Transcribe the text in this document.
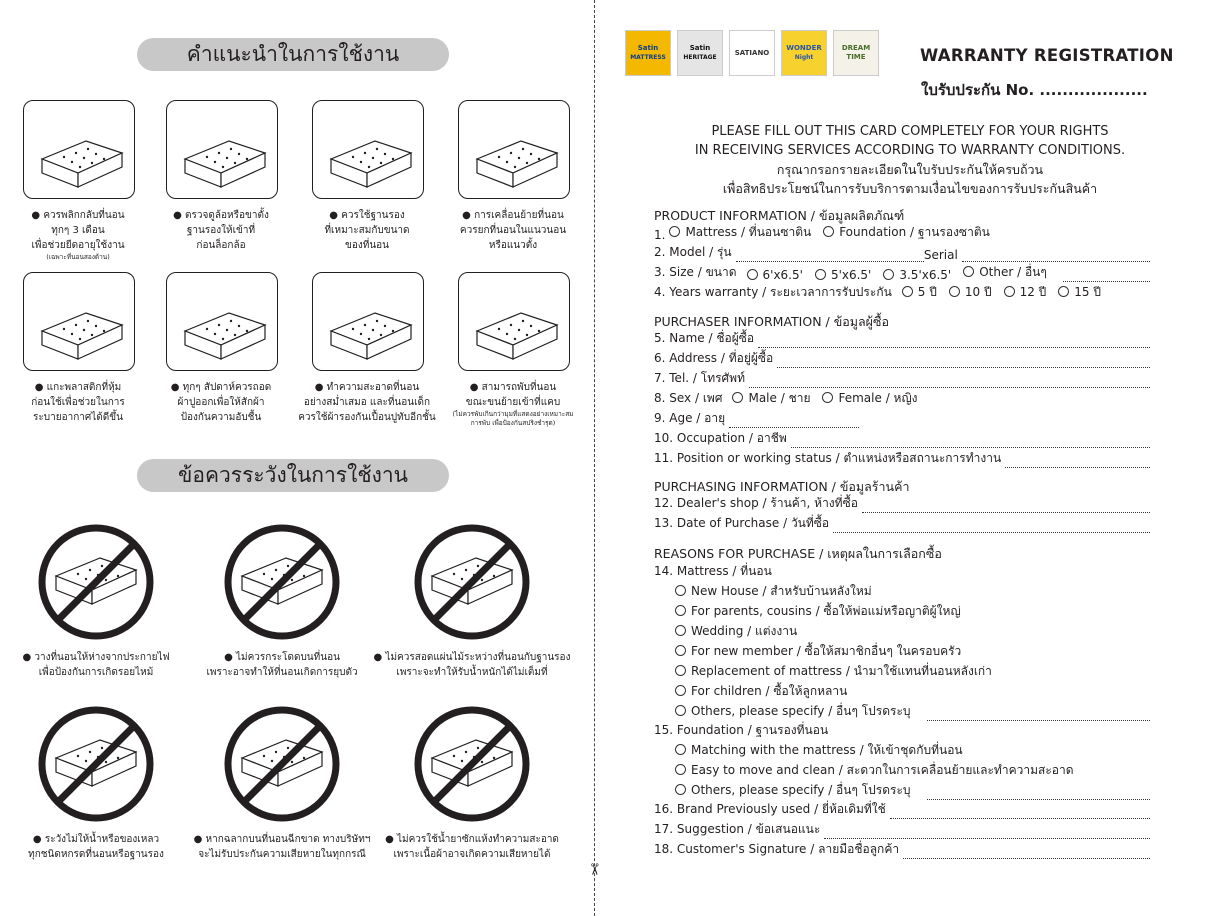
คำแนะนำในการใช้งาน
● ควรพลิกกลับที่นอน
ทุกๆ 3 เดือน
เพื่อช่วยยืดอายุใช้งาน
(เฉพาะที่นอนสองด้าน)
● ตรวจดูล้อหรือขาตั้ง
ฐานรองให้เข้าที่
ก่อนล็อกล้อ
● ควรใช้ฐานรอง
ที่เหมาะสมกับขนาด
ของที่นอน
● การเคลื่อนย้ายที่นอน
ควรยกที่นอนในแนวนอน
หรือแนวตั้ง
● แกะพลาสติกที่หุ้ม
ก่อนใช้เพื่อช่วยในการ
ระบายอากาศได้ดีขึ้น
● ทุกๆ สัปดาห์ควรถอด
ผ้าปูออกเพื่อให้สักผ้า
ป้องกันความอับชื้น
● ทำความสะอาดที่นอน
อย่างสม่ำเสมอ และที่นอนเด็ก
ควรใช้ผ้ารองกันเปื้อนปูทับอีกชั้น
● สามารถพับที่นอน
ขณะขนย้ายเข้าที่แคบ
(ไม่ควรพับเกินกว่ามุมที่แสดงอย่างเหมาะสม
การพับ เพื่อป้องกันสปริงชำรุด)
ข้อควรระวังในการใช้งาน
● วางที่นอนให้ห่างจากประกายไฟ
เพื่อป้องกันการเกิดรอยไหม้
● ไม่ควรกระโดดบนที่นอน
เพราะอาจทำให้ที่นอนเกิดการยุบตัว
● ไม่ควรสอดแผ่นไม้ระหว่างที่นอนกับฐานรอง
เพราะจะทำให้รับน้ำหนักได้ไม่เต็มที่
● ระวังไม่ให้น้ำหรือของเหลว
ทุกชนิดหกรดที่นอนหรือฐานรอง
● หากฉลากบนที่นอนฉีกขาด ทางบริษัทฯ
จะไม่รับประกันความเสียหายในทุกกรณี
● ไม่ควรใช้น้ำยาซักแห้งทำความสะอาด
เพราะเนื้อผ้าอาจเกิดความเสียหายได้
✂
Satin
MATTRESS
Satin
HERITAGE
SATIANO
WONDER
Night
DREAM TIME	WARRANTY REGISTRATION
ใบรับประกัน No. ...................
PLEASE FILL OUT THIS CARD COMPLETELY FOR YOUR RIGHTS
IN RECEIVING SERVICES ACCORDING TO WARRANTY CONDITIONS.
กรุณากรอกรายละเอียดในใบรับประกันให้ครบถ้วน
เพื่อสิทธิประโยชน์ในการรับบริการตามเงื่อนไขของการรับประกันสินค้า
PRODUCT INFORMATION / ข้อมูลผลิตภัณฑ์
1.	Mattress / ที่นอนซาติน	Foundation / ฐานรองซาติน
2. Model / รุ่น	Serial
3. Size / ขนาด	6'x6.5'	5'x6.5'	3.5'x6.5'	Other / อื่นๆ
4. Years warranty / ระยะเวลาการรับประกัน	5 ปี	10 ปี	12 ปี	15 ปี
PURCHASER INFORMATION / ข้อมูลผู้ซื้อ
5. Name / ชื่อผู้ซื้อ
6. Address / ที่อยู่ผู้ซื้อ
7. Tel. / โทรศัพท์
8. Sex / เพศ	Male / ชาย	Female / หญิง
9. Age / อายุ
10. Occupation / อาชีพ
11. Position or working status / ตำแหน่งหรือสถานะการทำงาน
PURCHASING INFORMATION / ข้อมูลร้านค้า
12. Dealer's shop / ร้านค้า, ห้างที่ซื้อ
13. Date of Purchase / วันที่ซื้อ
REASONS FOR PURCHASE / เหตุผลในการเลือกซื้อ
14. Mattress / ที่นอน
New House / สำหรับบ้านหลังใหม่
For parents, cousins / ซื้อให้พ่อแม่หรือญาติผู้ใหญ่
Wedding / แต่งงาน
For new member / ซื้อให้สมาชิกอื่นๆ ในครอบครัว
Replacement of mattress / นำมาใช้แทนที่นอนหลังเก่า
For children / ซื้อให้ลูกหลาน
Others, please specify / อื่นๆ โปรดระบุ
15. Foundation / ฐานรองที่นอน
Matching with the mattress / ให้เข้าชุดกับที่นอน
Easy to move and clean / สะดวกในการเคลื่อนย้ายและทำความสะอาด
Others, please specify / อื่นๆ โปรดระบุ
16. Brand Previously used / ยี่ห้อเดิมที่ใช้
17. Suggestion / ข้อเสนอแนะ
18. Customer's Signature / ลายมือชื่อลูกค้า
